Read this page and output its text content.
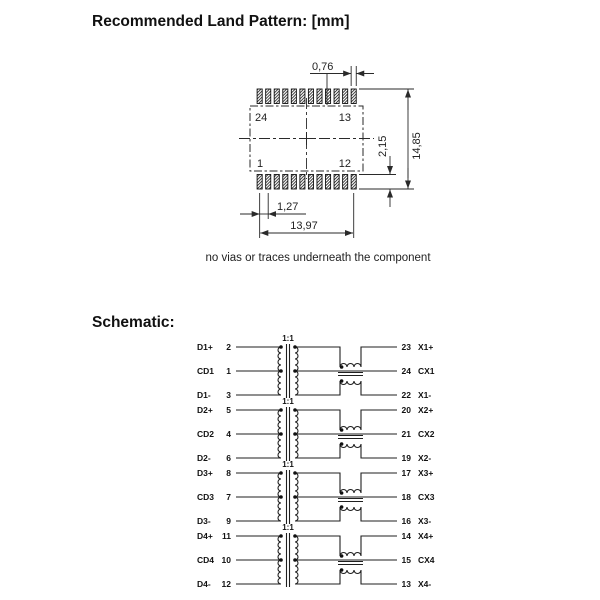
Recommended Land Pattern: [mm]
24	13
1	12
0,76
14,85
2,15
1,27
13,97
no vias or traces underneath the component
Schematic:
1:1
1:1
1:1
1:1
D1+ 2
CD1 1
D1- 3
23 X1+
24 CX1
22 X1-
D2+ 5
CD2 4
D2- 6
20 X2+
21 CX2
19 X2-
D3+ 8
CD3 7
D3- 9
17 X3+
18 CX3
16 X3-
D4+ 11
CD4 10
D4- 12
14 X4+
15 CX4
13 X4-
